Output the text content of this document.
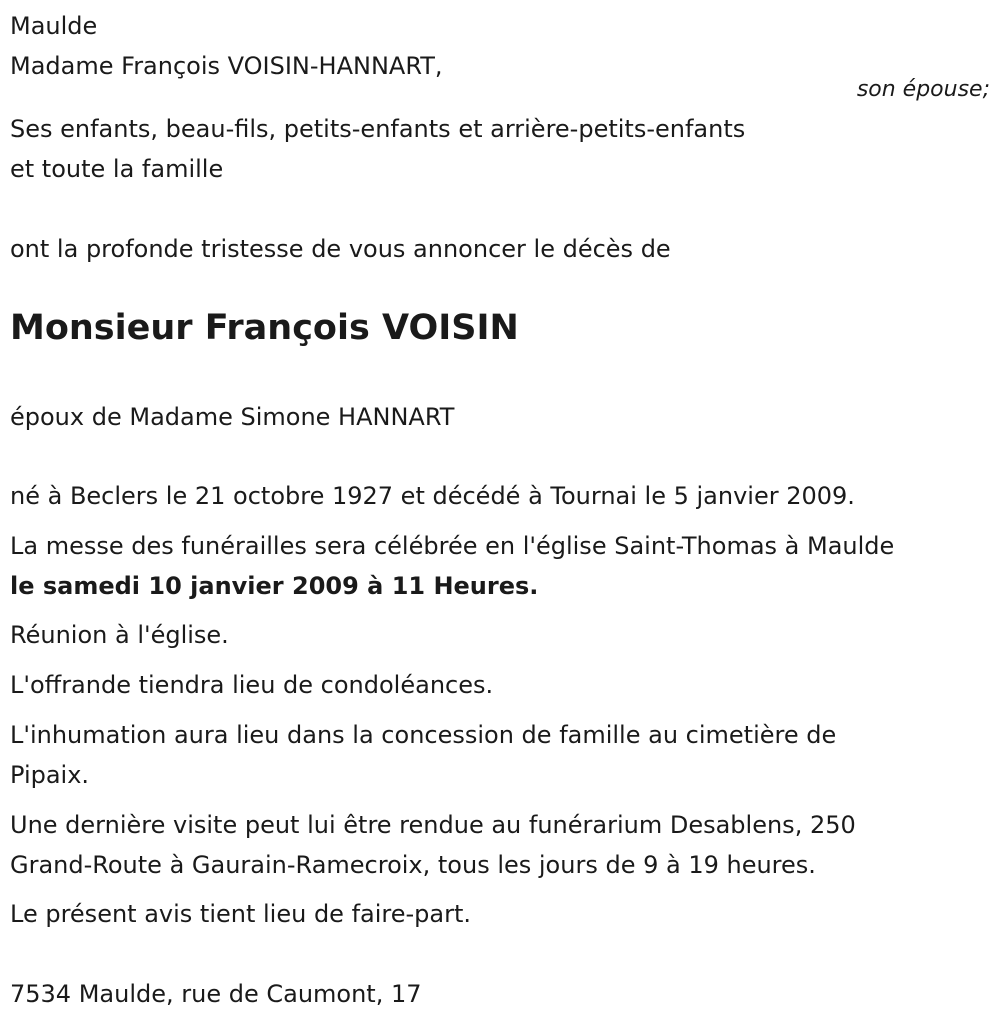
Maulde

Madame François VOISIN-HANNART,

son épouse;

Ses enfants, beau-fils, petits-enfants et arrière-petits-enfants

et toute la famille

ont la profonde tristesse de vous annoncer le décès de

Monsieur François VOISIN

époux de Madame Simone HANNART

né à Beclers le 21 octobre 1927 et décédé à Tournai le 5 janvier 2009.

La messe des funérailles sera célébrée en l'église Saint-Thomas à Maulde

le samedi 10 janvier 2009 à 11 Heures.

Réunion à l'église.

L'offrande tiendra lieu de condoléances.

L'inhumation aura lieu dans la concession de famille au cimetière de

Pipaix.

Une dernière visite peut lui être rendue au funérarium Desablens, 250

Grand-Route à Gaurain-Ramecroix, tous les jours de 9 à 19 heures.

Le présent avis tient lieu de faire-part.

7534 Maulde, rue de Caumont, 17
